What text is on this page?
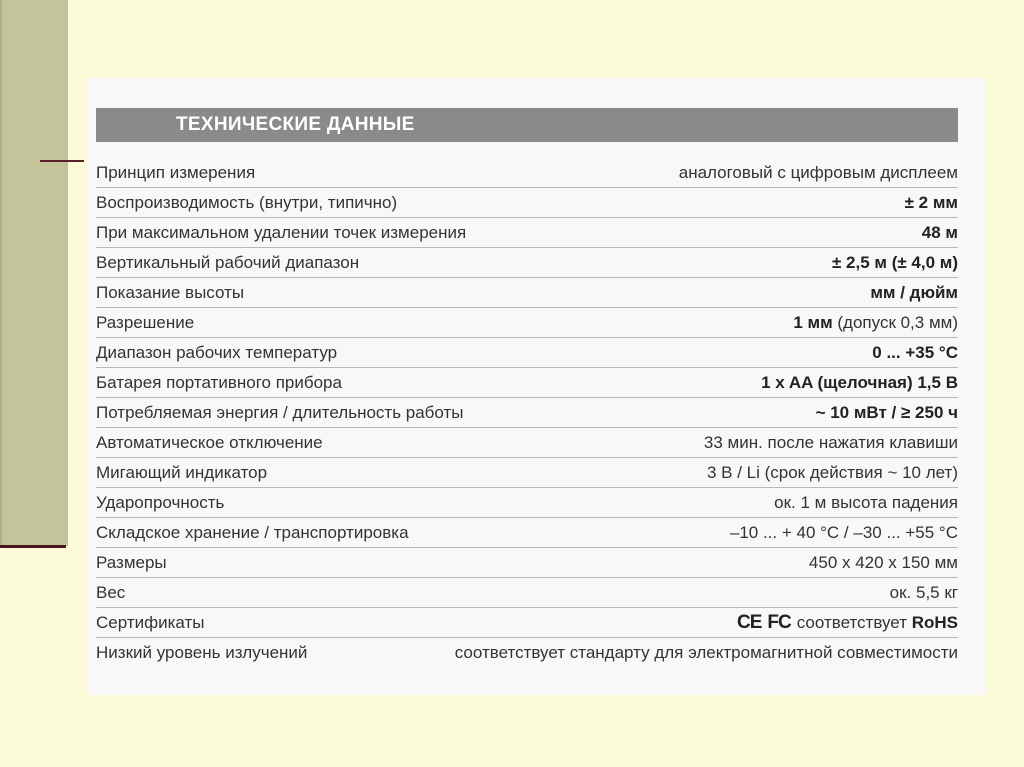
ТЕХНИЧЕСКИЕ ДАННЫЕ
Принцип измерения	аналоговый с цифровым дисплеем
Воспроизводимость (внутри, типично)	± 2 мм
При максимальном удалении точек измерения	48 м
Вертикальный рабочий диапазон	± 2,5 м (± 4,0 м)
Показание высоты	мм / дюйм
Разрешение	1 мм (допуск 0,3 мм)
Диапазон рабочих температур	0 ... +35 °C
Батарея портативного прибора	1 x AA (щелочная) 1,5 В
Потребляемая энергия / длительность работы	~ 10 мВт / ≥ 250 ч
Автоматическое отключение	33 мин. после нажатия клавиши
Мигающий индикатор	3 В / Li (срок действия ~ 10 лет)
Ударопрочность	ок. 1 м высота падения
Складское хранение / транспортировка	–10 ... + 40 °C / –30 ... +55 °C
Размеры	450 x 420 x 150 мм
Вес	ок. 5,5 кг
Сертификаты	CE FC соответствует RoHS
Низкий уровень излучений	соответствует стандарту для электромагнитной совместимости
